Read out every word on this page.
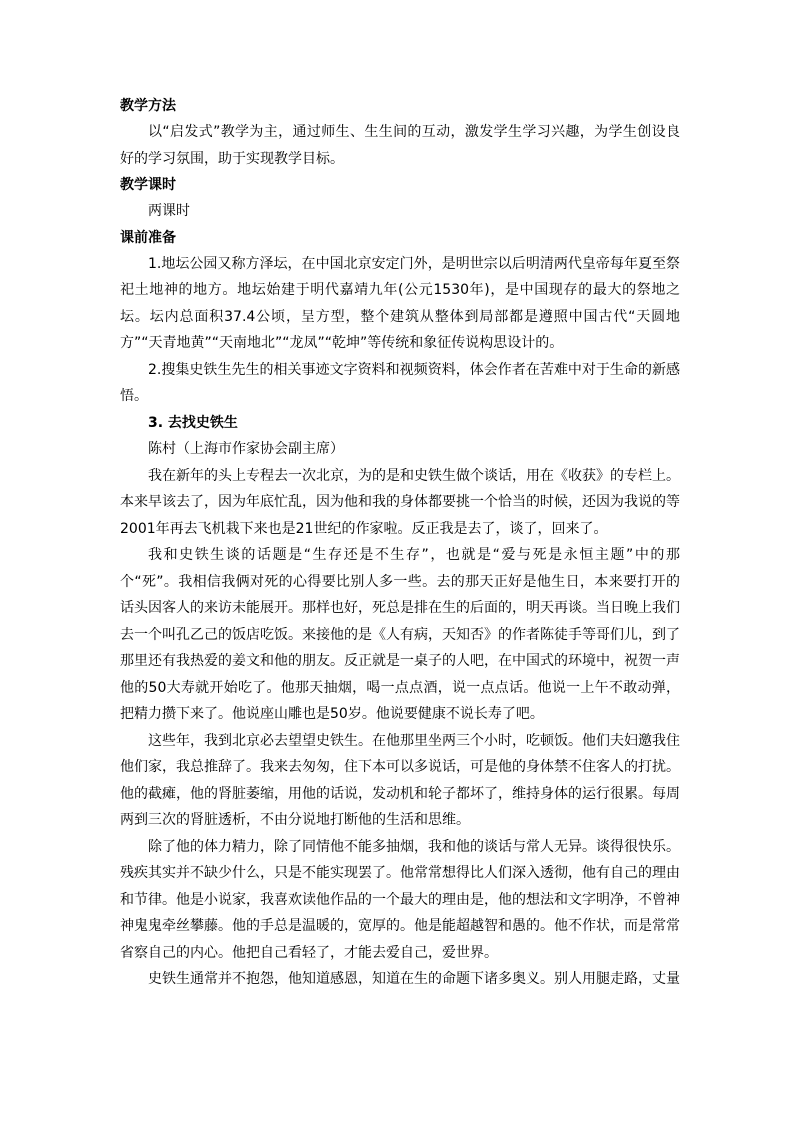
教学方法

以“启发式”教学为主，通过师生、生生间的互动，激发学生学习兴趣，为学生创设良好的学习氛围，助于实现教学目标。

教学课时

两课时

课前准备

1.地坛公园又称方泽坛，在中国北京安定门外，是明世宗以后明清两代皇帝每年夏至祭祀土地神的地方。地坛始建于明代嘉靖九年(公元1530年)，是中国现存的最大的祭地之坛。坛内总面积37.4公顷，呈方型，整个建筑从整体到局部都是遵照中国古代“天圆地方”“天青地黄”“天南地北”“龙凤”“乾坤”等传统和象征传说构思设计的。

2.搜集史铁生先生的相关事迹文字资料和视频资料，体会作者在苦难中对于生命的新感悟。

3. 去找史铁生

陈村（上海市作家协会副主席）

我在新年的头上专程去一次北京，为的是和史铁生做个谈话，用在《收获》的专栏上。本来早该去了，因为年底忙乱，因为他和我的身体都要挑一个恰当的时候，还因为我说的等2001年再去飞机栽下来也是21世纪的作家啦。反正我是去了，谈了，回来了。

我和史铁生谈的话题是“生存还是不生存”，也就是“爱与死是永恒主题”中的那个“死”。我相信我俩对死的心得要比别人多一些。去的那天正好是他生日，本来要打开的话头因客人的来访未能展开。那样也好，死总是排在生的后面的，明天再谈。当日晚上我们去一个叫孔乙己的饭店吃饭。来接他的是《人有病，天知否》的作者陈徒手等哥们儿，到了那里还有我热爱的姜文和他的朋友。反正就是一桌子的人吧，在中国式的环境中，祝贺一声他的50大寿就开始吃了。他那天抽烟，喝一点点酒，说一点点话。他说一上午不敢动弹，把精力攒下来了。他说座山雕也是50岁。他说要健康不说长寿了吧。

这些年，我到北京必去望望史铁生。在他那里坐两三个小时，吃顿饭。他们夫妇邀我住他们家，我总推辞了。我来去匆匆，住下本可以多说话，可是他的身体禁不住客人的打扰。他的截瘫，他的肾脏萎缩，用他的话说，发动机和轮子都坏了，维持身体的运行很累。每周两到三次的肾脏透析，不由分说地打断他的生活和思维。

除了他的体力精力，除了同情他不能多抽烟，我和他的谈话与常人无异。谈得很快乐。残疾其实并不缺少什么，只是不能实现罢了。他常常想得比人们深入透彻，他有自己的理由和节律。他是小说家，我喜欢读他作品的一个最大的理由是，他的想法和文字明净，不曾神神鬼鬼牵丝攀藤。他的手总是温暖的，宽厚的。他是能超越智和愚的。他不作状，而是常常省察自己的内心。他把自己看轻了，才能去爱自己，爱世界。

史铁生通常并不抱怨，他知道感恩，知道在生的命题下诸多奥义。别人用腿走路，丈量
